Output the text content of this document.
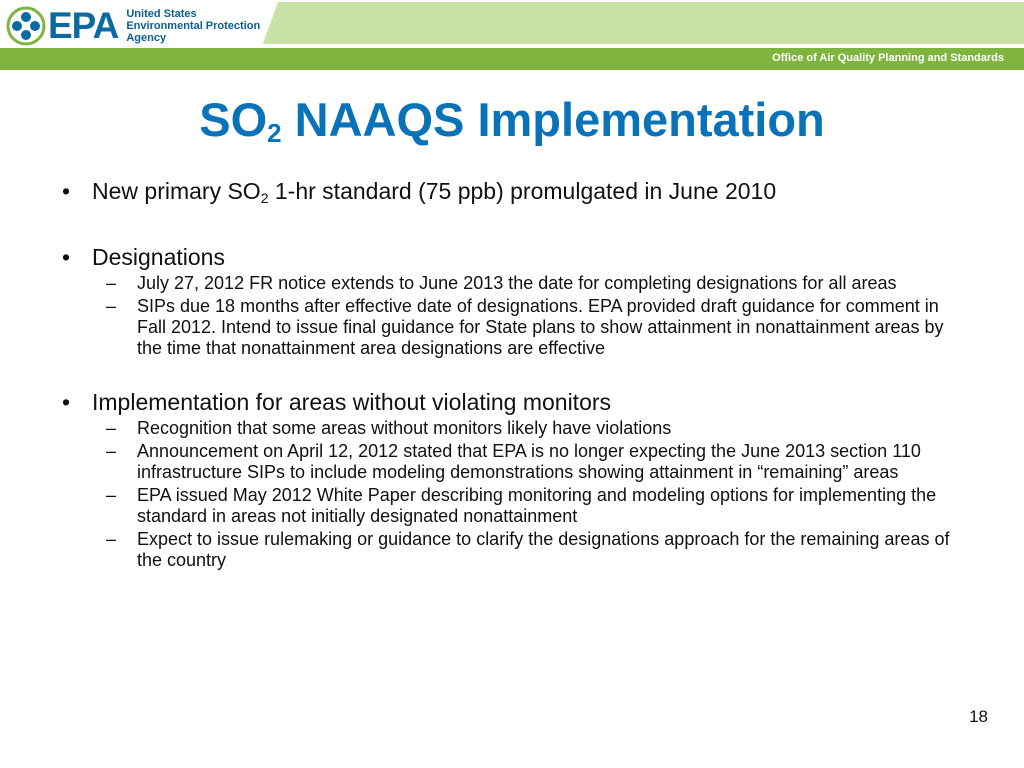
EPA United States
Environmental Protection
Agency
Office of Air Quality Planning and Standards
$SO_2$ NAAQS Implementation
• New primary $SO_2$ 1-hr standard (75 ppb) promulgated in June 2010
• Designations
– July 27, 2012 FR notice extends to June 2013 the date for completing designations for all areas
– SIPs due 18 months after effective date of designations. EPA provided draft guidance for comment in Fall 2012. Intend to issue final guidance for State plans to show attainment in nonattainment areas by the time that nonattainment area designations are effective
• Implementation for areas without violating monitors
– Recognition that some areas without monitors likely have violations
– Announcement on April 12, 2012 stated that EPA is no longer expecting the June 2013 section 110 infrastructure SIPs to include modeling demonstrations showing attainment in “remaining” areas
– EPA issued May 2012 White Paper describing monitoring and modeling options for implementing the standard in areas not initially designated nonattainment
– Expect to issue rulemaking or guidance to clarify the designations approach for the remaining areas of the country
18
